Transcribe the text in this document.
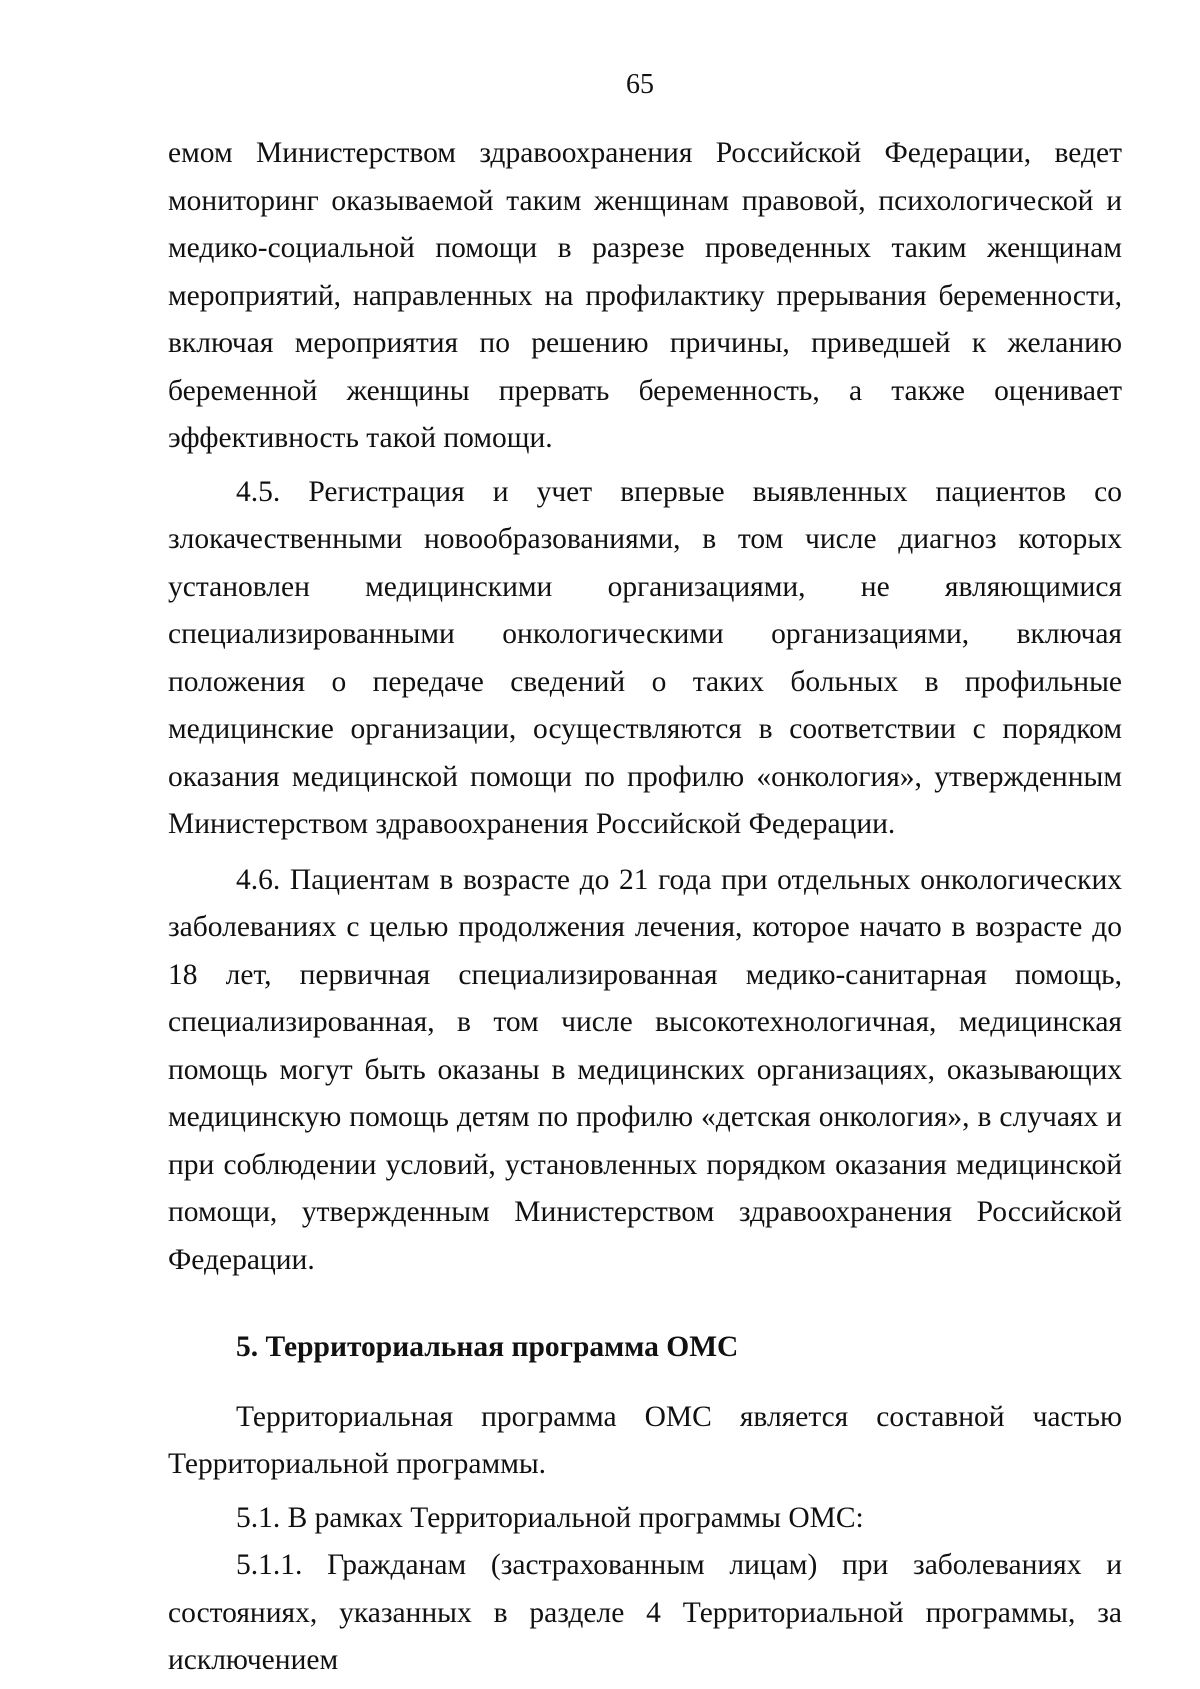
65

емом Министерством здравоохранения Российской Федерации, ведет мониторинг оказываемой таким женщинам правовой, психологической и медико-социальной помощи в разрезе проведенных таким женщинам мероприятий, направленных на профилактику прерывания беременности, включая мероприятия по решению причины, приведшей к желанию беременной женщины прервать беременность, а также оценивает эффективность такой помощи.

4.5. Регистрация и учет впервые выявленных пациентов со злокачественными новообразованиями, в том числе диагноз которых установлен медицинскими организациями, не являющимися специализированными онкологическими организациями, включая положения о передаче сведений о таких больных в профильные медицинские организации, осуществляются в соответствии с порядком оказания медицинской помощи по профилю «онкология», утвержденным Министерством здравоохранения Российской Федерации.

4.6. Пациентам в возрасте до 21 года при отдельных онкологических заболеваниях с целью продолжения лечения, которое начато в возрасте до 18 лет, первичная специализированная медико-санитарная помощь, специализированная, в том числе высокотехнологичная, медицинская помощь могут быть оказаны в медицинских организациях, оказывающих медицинскую помощь детям по профилю «детская онкология», в случаях и при соблюдении условий, установленных порядком оказания медицинской помощи, утвержденным Министерством здравоохранения Российской Федерации.

5. Территориальная программа ОМС

Территориальная программа ОМС является составной частью Территориальной программы.

5.1. В рамках Территориальной программы ОМС:

5.1.1. Гражданам (застрахованным лицам) при заболеваниях и состояниях, указанных в разделе 4 Территориальной программы, за исключением
